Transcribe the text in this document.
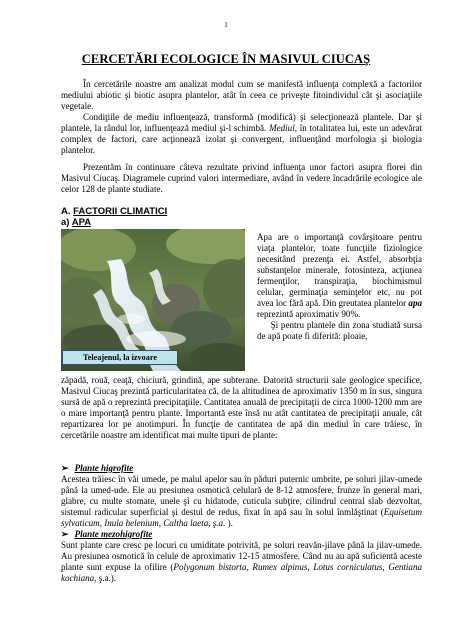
1
CERCETĂRI ECOLOGICE ÎN MASIVUL CIUCAŞ

În cercetările noastre am analizat modul cum se manifestă influenţa complexă a factorilor mediului abiotic şi biotic asupra plantelor, atât în ceea ce priveşte fitoindividul cât şi asociaţiile vegetale.

Condiţiile de mediu influenţează, transformă (modifică) şi selecţionează plantele. Dar şi plantele, la rândul lor, influenţează mediul şi-l schimbă. Mediul, în totalitatea lui, este un adevărat complex de factori, care acţionează izolat şi convergent, influenţând morfologia şi biologia plantelor.

Prezentăm în continuare câteva rezultate privind influenţa unor factori asupra florei din Masivul Ciucaş. Diagramele cuprind valori intermediare, având în vedere încadrările ecologice ale celor 128 de plante studiate.

A. FACTORII CLIMATICI
a) APA
Teleajenul, la izvoare

Apa are o importanţă covârşitoare pentru viaţa plantelor, toate funcţiile fiziologice necesitând prezenţa ei. Astfel, absorbţia substanţelor minerale, fotosinteza, acţiunea fermenţilor, transpiraţia, biochimismul celular, germinaţia seminţelor etc, nu pot avea loc fără apă. Din greutatea plantelor apa reprezintă aproximativ 90%.
Şi pentru plantele din zona studiată sursa de apă poate fi diferită: ploaie,

zăpadă, rouă, ceaţă, chiciură, grindină, ape subterane. Datorită structurii sale geologice specifice, Masivul Ciucaş prezintă particularitatea că, de la altitudinea de aproximativ 1350 m în sus, singura sursă de apă o reprezintă precipitaţiile. Cantitatea anuală de precipitaţii de circa 1000-1200 mm are o mare importanţă pentru plante. Importantă este însă nu atât cantitatea de precipitaţii anuale, cât repartizarea lor pe anotimpuri. În funcţie de cantitatea de apă din mediul în care trăiesc, în cercetările noastre am identificat mai multe tipuri de plante:

➢ Plante higrofite

Acestea trăiesc în văi umede, pe malul apelor sau în păduri puternic umbrite, pe soluri jilav-umede până la umed-ude. Ele au presiunea osmotică celulară de 8-12 atmosfere, frunze în general mari, glabre, cu multe stomate, unele şi cu hidatode, cuticula subţire, cilindrul central slab dezvoltat, sistemul radicular superficial şi destul de redus, fixat în apă sau în solul înmlăştinat (Equisetum sylvaticum, Inula helenium, Caltha laeta, ş.a. ).

➢ Plante mezohigrofite

Sunt plante care cresc pe locuri cu umiditate potrivită, pe soluri reavăn-jilave până la jilav-umede. Au presiunea osmotică în celule de aproximativ 12-15 atmosfere. Când nu au apă suficientă aceste plante sunt expuse la ofilire (Polygonum bistorta, Rumex alpinus, Lotus corniculatus, Gentiana kochiana, ş.a.).
